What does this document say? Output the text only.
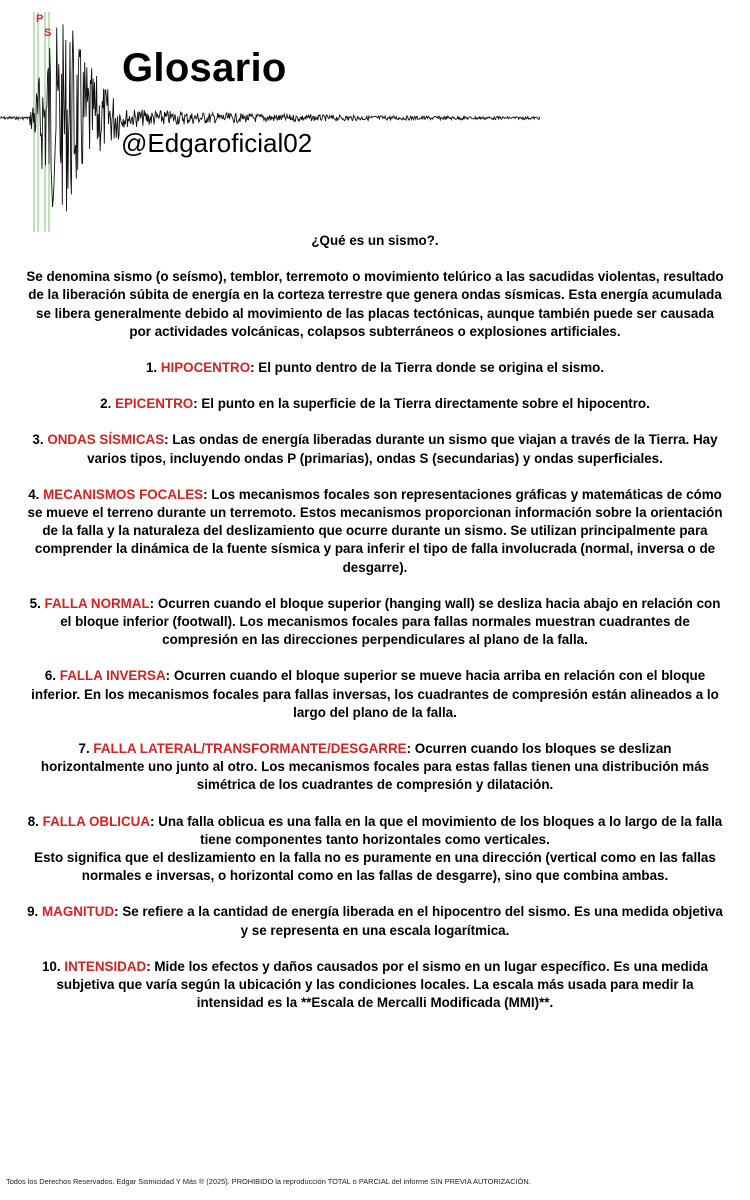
P
S
Glosario
@Edgaroficial02

¿Qué es un sismo?.

Se denomina sismo (o seísmo), temblor, terremoto o movimiento telúrico a las sacudidas violentas, resultado de la liberación súbita de energía en la corteza terrestre que genera ondas sísmicas. Esta energía acumulada se libera generalmente debido al movimiento de las placas tectónicas, aunque también puede ser causada por actividades volcánicas, colapsos subterráneos o explosiones artificiales.

1. HIPOCENTRO: El punto dentro de la Tierra donde se origina el sismo.

2. EPICENTRO: El punto en la superficie de la Tierra directamente sobre el hipocentro.

3. ONDAS SÍSMICAS: Las ondas de energía liberadas durante un sismo que viajan a través de la Tierra. Hay varios tipos, incluyendo ondas P (primarias), ondas S (secundarias) y ondas superficiales.

4. MECANISMOS FOCALES: Los mecanismos focales son representaciones gráficas y matemáticas de cómo se mueve el terreno durante un terremoto. Estos mecanismos proporcionan información sobre la orientación de la falla y la naturaleza del deslizamiento que ocurre durante un sismo. Se utilizan principalmente para comprender la dinámica de la fuente sísmica y para inferir el tipo de falla involucrada (normal, inversa o de desgarre).

5. FALLA NORMAL: Ocurren cuando el bloque superior (hanging wall) se desliza hacia abajo en relación con el bloque inferior (footwall). Los mecanismos focales para fallas normales muestran cuadrantes de compresión en las direcciones perpendiculares al plano de la falla.

6. FALLA INVERSA: Ocurren cuando el bloque superior se mueve hacia arriba en relación con el bloque inferior. En los mecanismos focales para fallas inversas, los cuadrantes de compresión están alineados a lo largo del plano de la falla.

7. FALLA LATERAL/TRANSFORMANTE/DESGARRE: Ocurren cuando los bloques se deslizan horizontalmente uno junto al otro. Los mecanismos focales para estas fallas tienen una distribución más simétrica de los cuadrantes de compresión y dilatación.

8. FALLA OBLICUA: Una falla oblicua es una falla en la que el movimiento de los bloques a lo largo de la falla tiene componentes tanto horizontales como verticales.
Esto significa que el deslizamiento en la falla no es puramente en una dirección (vertical como en las fallas normales e inversas, o horizontal como en las fallas de desgarre), sino que combina ambas.

9. MAGNITUD: Se refiere a la cantidad de energía liberada en el hipocentro del sismo. Es una medida objetiva y se representa en una escala logarítmica.

10. INTENSIDAD: Mide los efectos y daños causados por el sismo en un lugar específico. Es una medida subjetiva que varía según la ubicación y las condiciones locales. La escala más usada para medir la intensidad es la **Escala de Mercalli Modificada (MMI)**.

Todos los Derechos Reservados. Edgar Sismicidad Y Más ® (2025). PROHIBIDO la reproducción TOTAL o PARCIAL del informe SIN PREVIA AUTORIZACIÓN.
